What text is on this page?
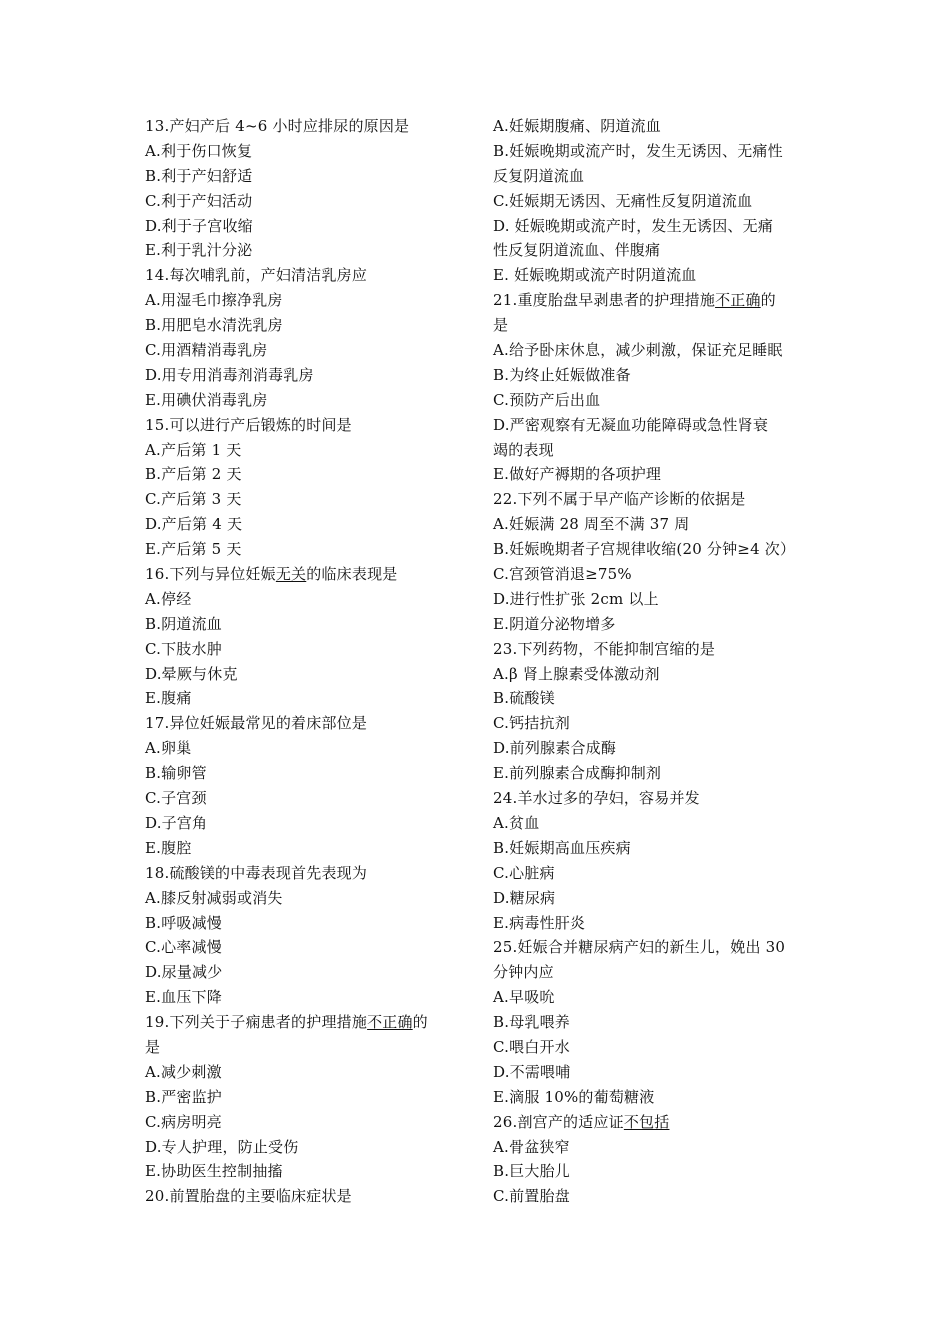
13.产妇产后 4~6 小时应排尿的原因是
A.利于伤口恢复
B.利于产妇舒适
C.利于产妇活动
D.利于子宫收缩
E.利于乳汁分泌
14.每次哺乳前，产妇清洁乳房应
A.用湿毛巾擦净乳房
B.用肥皂水清洗乳房
C.用酒精消毒乳房
D.用专用消毒剂消毒乳房
E.用碘伏消毒乳房
15.可以进行产后锻炼的时间是
A.产后第 1 天
B.产后第 2 天
C.产后第 3 天
D.产后第 4 天
E.产后第 5 天
16.下列与异位妊娠无关的临床表现是
A.停经
B.阴道流血
C.下肢水肿
D.晕厥与休克
E.腹痛
17.异位妊娠最常见的着床部位是
A.卵巢
B.输卵管
C.子宫颈
D.子宫角
E.腹腔
18.硫酸镁的中毒表现首先表现为
A.膝反射减弱或消失
B.呼吸减慢
C.心率减慢
D.尿量减少
E.血压下降
19.下列关于子痫患者的护理措施不正确的
是
A.减少刺激
B.严密监护
C.病房明亮
D.专人护理，防止受伤
E.协助医生控制抽搐
20.前置胎盘的主要临床症状是
A.妊娠期腹痛、阴道流血
B.妊娠晚期或流产时，发生无诱因、无痛性
反复阴道流血
C.妊娠期无诱因、无痛性反复阴道流血
D. 妊娠晚期或流产时，发生无诱因、无痛
性反复阴道流血、伴腹痛
E. 妊娠晚期或流产时阴道流血
21.重度胎盘早剥患者的护理措施不正确的
是
A.给予卧床休息，减少刺激，保证充足睡眠
B.为终止妊娠做准备
C.预防产后出血
D.严密观察有无凝血功能障碍或急性肾衰
竭的表现
E.做好产褥期的各项护理
22.下列不属于早产临产诊断的依据是
A.妊娠满 28 周至不满 37 周
B.妊娠晚期者子宫规律收缩(20 分钟≥4 次）
C.宫颈管消退≥75%
D.进行性扩张 2cm 以上
E.阴道分泌物增多
23.下列药物，不能抑制宫缩的是
A.β 肾上腺素受体激动剂
B.硫酸镁
C.钙拮抗剂
D.前列腺素合成酶
E.前列腺素合成酶抑制剂
24.羊水过多的孕妇，容易并发
A.贫血
B.妊娠期高血压疾病
C.心脏病
D.糖尿病
E.病毒性肝炎
25.妊娠合并糖尿病产妇的新生儿，娩出 30
分钟内应
A.早吸吮
B.母乳喂养
C.喂白开水
D.不需喂哺
E.滴服 10%的葡萄糖液
26.剖宫产的适应证不包括
A.骨盆狭窄
B.巨大胎儿
C.前置胎盘
